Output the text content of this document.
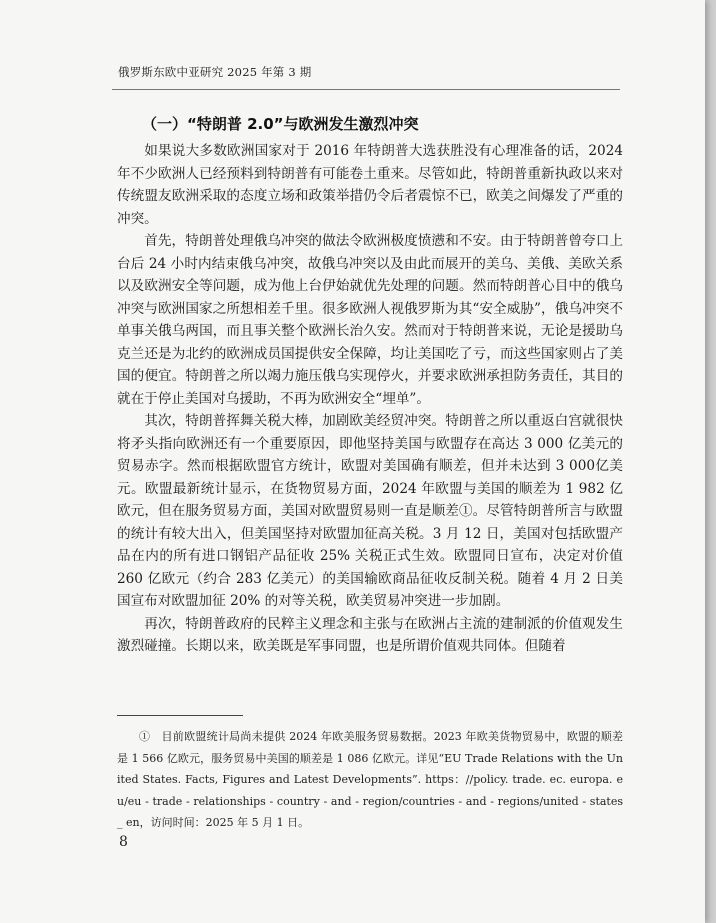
俄罗斯东欧中亚研究 2025 年第 3 期
（一）“特朗普 2.0”与欧洲发生激烈冲突

如果说大多数欧洲国家对于 2016 年特朗普大选获胜没有心理准备的话，2024 年不少欧洲人已经预料到特朗普有可能卷土重来。尽管如此，特朗普重新执政以来对传统盟友欧洲采取的态度立场和政策举措仍令后者震惊不已，欧美之间爆发了严重的冲突。

首先，特朗普处理俄乌冲突的做法令欧洲极度愤懑和不安。由于特朗普曾夸口上台后 24 小时内结束俄乌冲突，故俄乌冲突以及由此而展开的美乌、美俄、美欧关系以及欧洲安全等问题，成为他上台伊始就优先处理的问题。然而特朗普心目中的俄乌冲突与欧洲国家之所想相差千里。很多欧洲人视俄罗斯为其“安全威胁”，俄乌冲突不单事关俄乌两国，而且事关整个欧洲长治久安。然而对于特朗普来说，无论是援助乌克兰还是为北约的欧洲成员国提供安全保障，均让美国吃了亏，而这些国家则占了美国的便宜。特朗普之所以竭力施压俄乌实现停火，并要求欧洲承担防务责任，其目的就在于停止美国对乌援助，不再为欧洲安全“埋单”。

其次，特朗普挥舞关税大棒，加剧欧美经贸冲突。特朗普之所以重返白宫就很快将矛头指向欧洲还有一个重要原因，即他坚持美国与欧盟存在高达 3 000 亿美元的贸易赤字。然而根据欧盟官方统计，欧盟对美国确有顺差，但并未达到 3 000亿美元。欧盟最新统计显示，在货物贸易方面，2024 年欧盟与美国的顺差为 1 982 亿欧元，但在服务贸易方面，美国对欧盟贸易则一直是顺差①。尽管特朗普所言与欧盟的统计有较大出入，但美国坚持对欧盟加征高关税。3 月 12 日，美国对包括欧盟产品在内的所有进口钢铝产品征收 25% 关税正式生效。欧盟同日宣布，决定对价值 260 亿欧元（约合 283 亿美元）的美国输欧商品征收反制关税。随着 4 月 2 日美国宣布对欧盟加征 20% 的对等关税，欧美贸易冲突进一步加剧。

再次，特朗普政府的民粹主义理念和主张与在欧洲占主流的建制派的价值观发生激烈碰撞。长期以来，欧美既是军事同盟，也是所谓价值观共同体。但随着

①　目前欧盟统计局尚未提供 2024 年欧美服务贸易数据。2023 年欧美货物贸易中，欧盟的顺差是 1 566 亿欧元，服务贸易中美国的顺差是 1 086 亿欧元。详见“EU Trade Relations with the United States. Facts, Figures and Latest Developments”. https：//policy. trade. ec. europa. eu/eu - trade - relationships - country - and - region/countries - and - regions/united - states_ en，访问时间：2025 年 5 月 1 日。

8
